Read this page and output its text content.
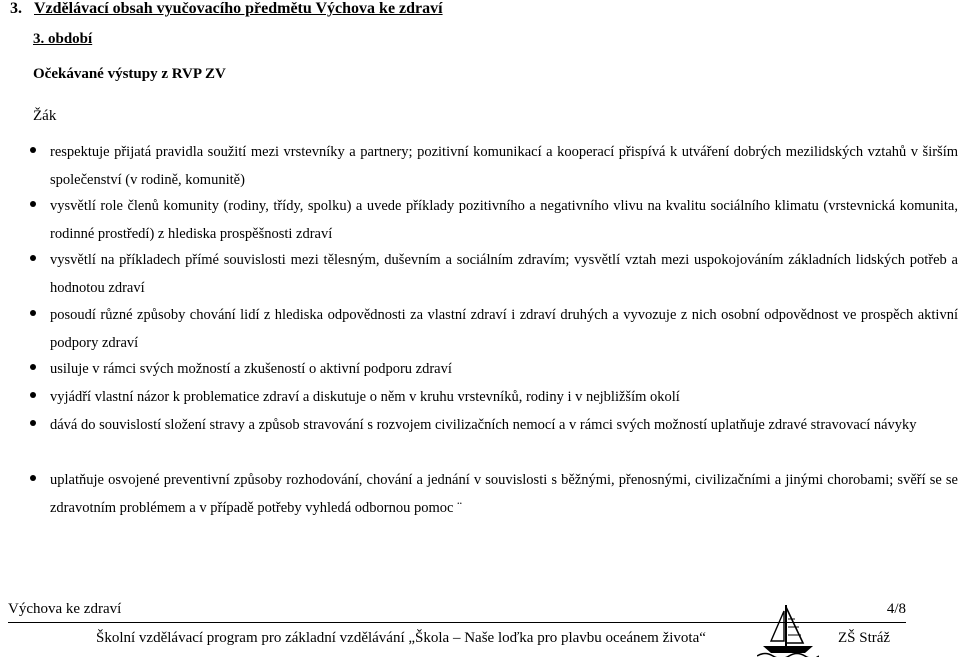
3. Vzdělávací obsah vyučovacího předmětu Výchova ke zdraví
3. období
Očekávané výstupy z RVP ZV
Žák
respektuje přijatá pravidla soužití mezi vrstevníky a partnery; pozitivní komunikací a kooperací přispívá k utváření dobrých mezilidských vztahů v širším společenství (v rodině, komunitě)
vysvětlí role členů komunity (rodiny, třídy, spolku) a uvede příklady pozitivního a negativního vlivu na kvalitu sociálního klimatu (vrstevnická komunita, rodinné prostředí) z hlediska prospěšnosti zdraví
vysvětlí na příkladech přímé souvislosti mezi tělesným, duševním a sociálním zdravím; vysvětlí vztah mezi uspokojováním základních lidských potřeb a hodnotou zdraví
posoudí různé způsoby chování lidí z hlediska odpovědnosti za vlastní zdraví i zdraví druhých a vyvozuje z nich osobní odpovědnost ve prospěch aktivní podpory zdraví
usiluje v rámci svých možností a zkušeností o aktivní podporu zdraví
vyjádří vlastní názor k problematice zdraví a diskutuje o něm v kruhu vrstevníků, rodiny i v nejbližším okolí
dává do souvislostí složení stravy a způsob stravování s rozvojem civilizačních nemocí a v rámci svých možností uplatňuje zdravé stravovací návyky
uplatňuje osvojené preventivní způsoby rozhodování, chování a jednání v souvislosti s běžnými, přenosnými, civilizačními a jinými chorobami; svěří se se zdravotním problémem a v případě potřeby vyhledá odbornou pomoc ¨
Výchova ke zdraví	4/8
Školní vzdělávací program pro základní vzdělávání „Škola – Naše loďka pro plavbu oceánem života“	ZŠ Stráž
